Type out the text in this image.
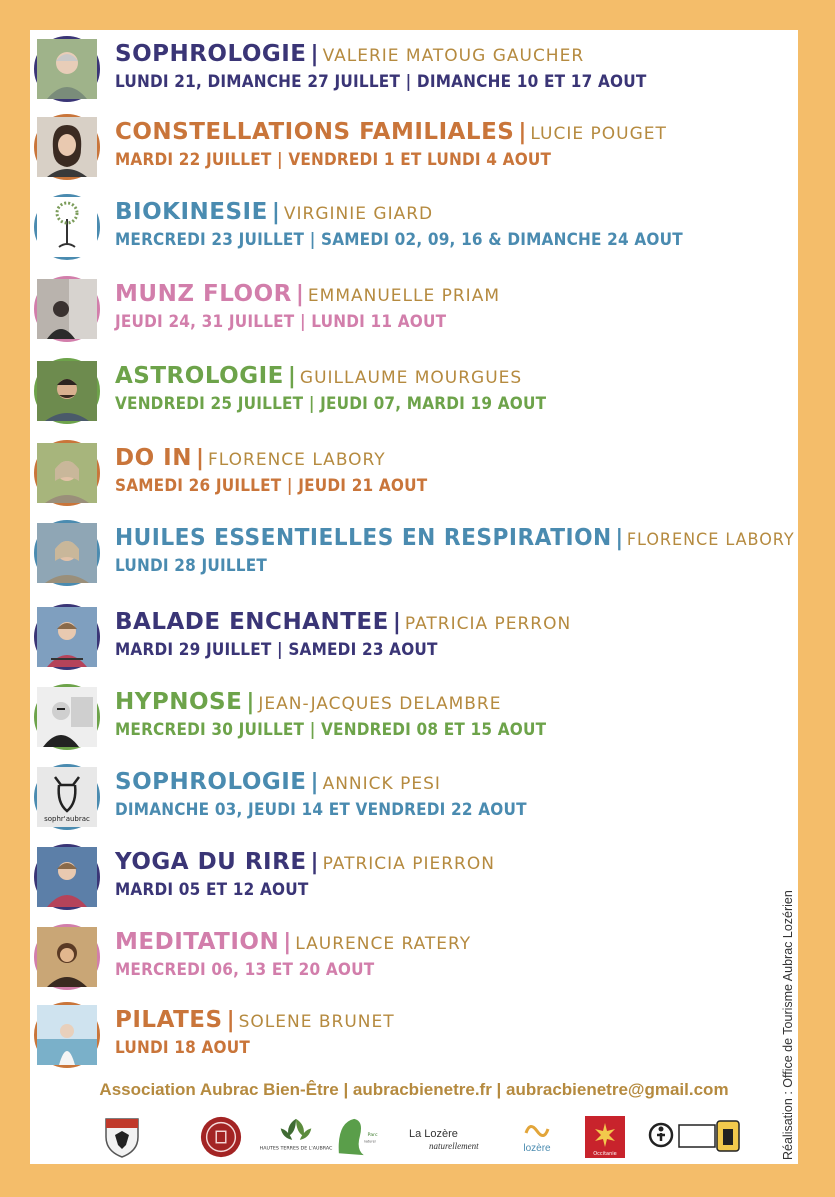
SOPHROLOGIE | VALERIE MATOUG GAUCHER
LUNDI 21, DIMANCHE 27 JUILLET | DIMANCHE 10 ET 17 AOUT
CONSTELLATIONS FAMILIALES | LUCIE POUGET
MARDI 22 JUILLET | VENDREDI 1 ET LUNDI 4 AOUT
BIOKINESIE | VIRGINIE GIARD
MERCREDI 23 JUILLET | SAMEDI 02, 09, 16 & DIMANCHE 24 AOUT
MUNZ FLOOR | EMMANUELLE PRIAM
JEUDI 24, 31 JUILLET | LUNDI 11 AOUT
ASTROLOGIE | GUILLAUME MOURGUES
VENDREDI 25 JUILLET | JEUDI 07, MARDI 19 AOUT
DO IN | FLORENCE LABORY
SAMEDI 26 JUILLET | JEUDI 21 AOUT
HUILES ESSENTIELLES EN RESPIRATION | FLORENCE LABORY
LUNDI 28 JUILLET
BALADE ENCHANTEE | PATRICIA PERRON
MARDI 29 JUILLET | SAMEDI 23 AOUT
HYPNOSE | JEAN-JACQUES DELAMBRE
MERCREDI 30 JUILLET | VENDREDI 08 ET 15 AOUT
sophr'aubrac
SOPHROLOGIE | ANNICK PESI
DIMANCHE 03, JEUDI 14 ET VENDREDI 22 AOUT
YOGA DU RIRE | PATRICIA PIERRON
MARDI 05 ET 12 AOUT
MEDITATION | LAURENCE RATERY
MERCREDI 06, 13 ET 20 AOUT
PILATES | SOLENE BRUNET
LUNDI 18 AOUT
Association Aubrac Bien-Être | aubracbienetre.fr | aubracbienetre@gmail.com
HAUTES TERRES DE L'AUBRAC
Parc
naturel
La Lozère
naturellement	lozère	Occitanie	Réalisation : Office de Tourisme Aubrac Lozérien
